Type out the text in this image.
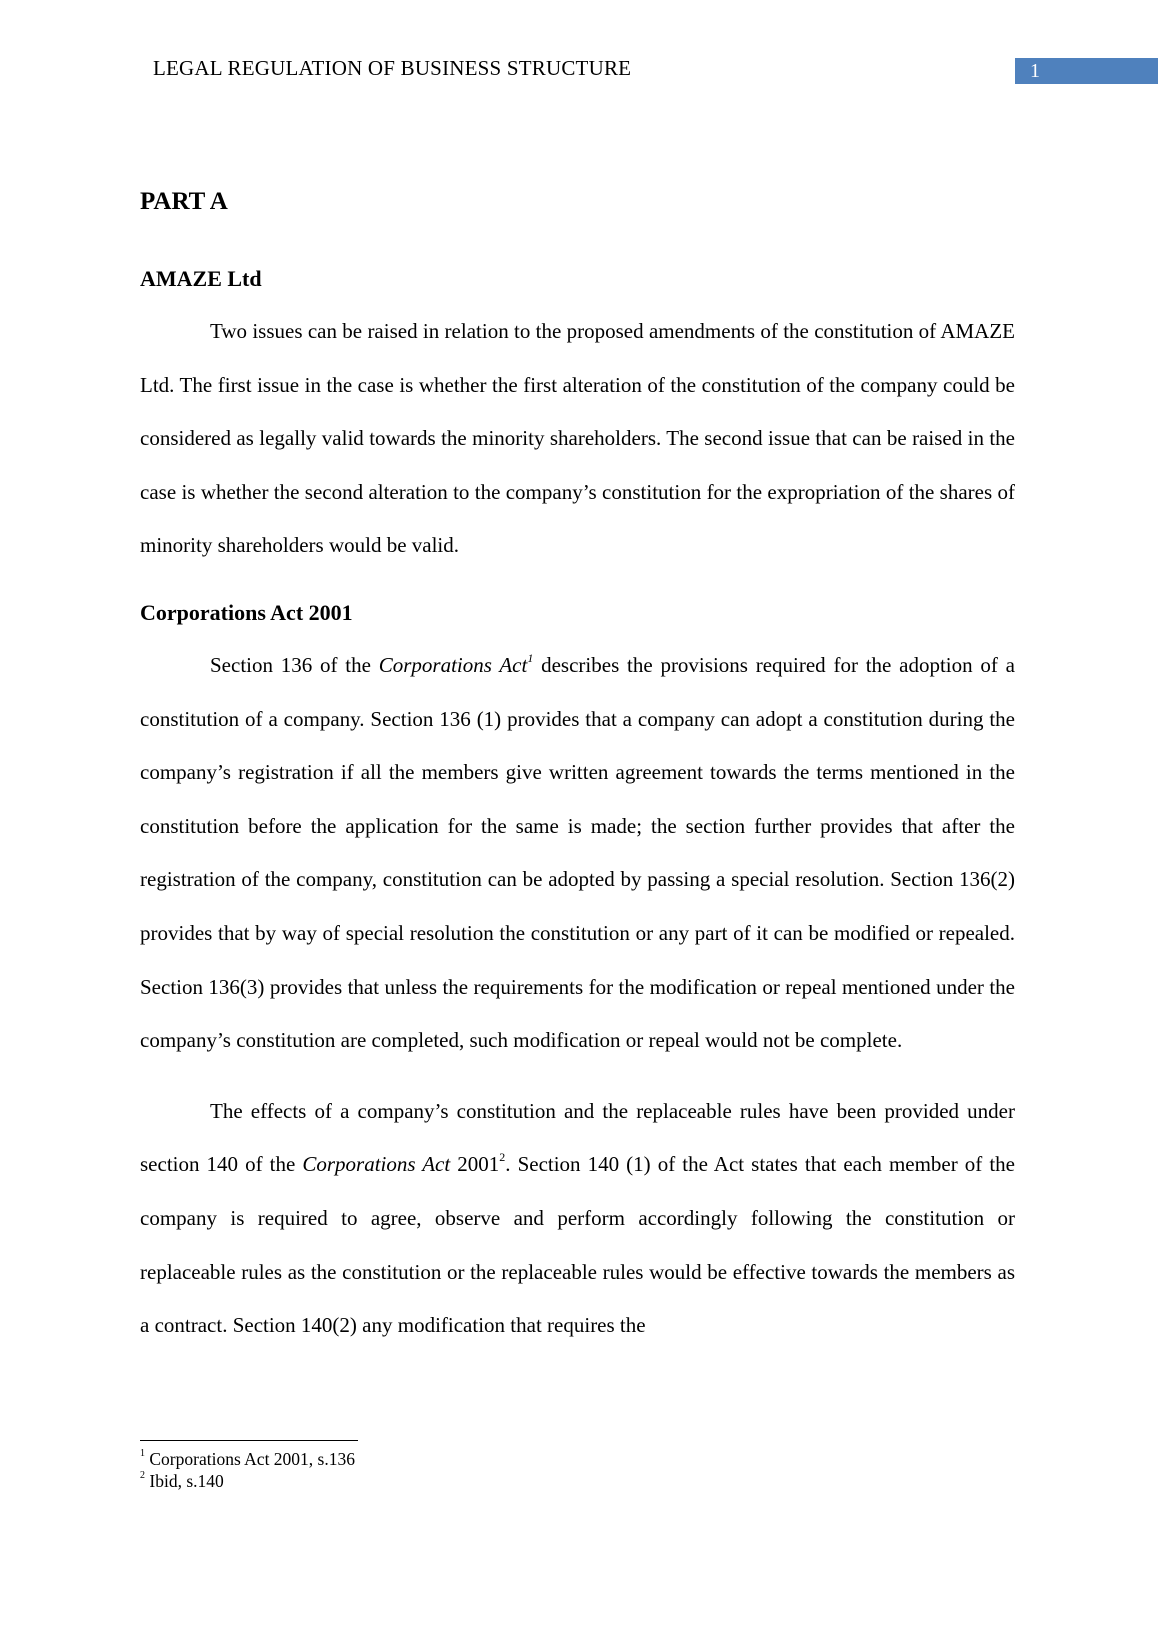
LEGAL REGULATION OF BUSINESS STRUCTURE	1
PART A
AMAZE Ltd

Two issues can be raised in relation to the proposed amendments of the constitution of AMAZE Ltd. The first issue in the case is whether the first alteration of the constitution of the company could be considered as legally valid towards the minority shareholders. The second issue that can be raised in the case is whether the second alteration to the company’s constitution for the expropriation of the shares of minority shareholders would be valid.

Corporations Act 2001

Section 136 of the Corporations Act$^1$ describes the provisions required for the adoption of a constitution of a company. Section 136 (1) provides that a company can adopt a constitution during the company’s registration if all the members give written agreement towards the terms mentioned in the constitution before the application for the same is made; the section further provides that after the registration of the company, constitution can be adopted by passing a special resolution. Section 136(2) provides that by way of special resolution the constitution or any part of it can be modified or repealed. Section 136(3) provides that unless the requirements for the modification or repeal mentioned under the company’s constitution are completed, such modification or repeal would not be complete.

The effects of a company’s constitution and the replaceable rules have been provided under section 140 of the Corporations Act 2001$^2$. Section 140 (1) of the Act states that each member of the company is required to agree, observe and perform accordingly following the constitution or replaceable rules as the constitution or the replaceable rules would be effective towards the members as a contract. Section 140(2) any modification that requires the

$^1$ Corporations Act 2001, s.136
$^2$ Ibid, s.140
